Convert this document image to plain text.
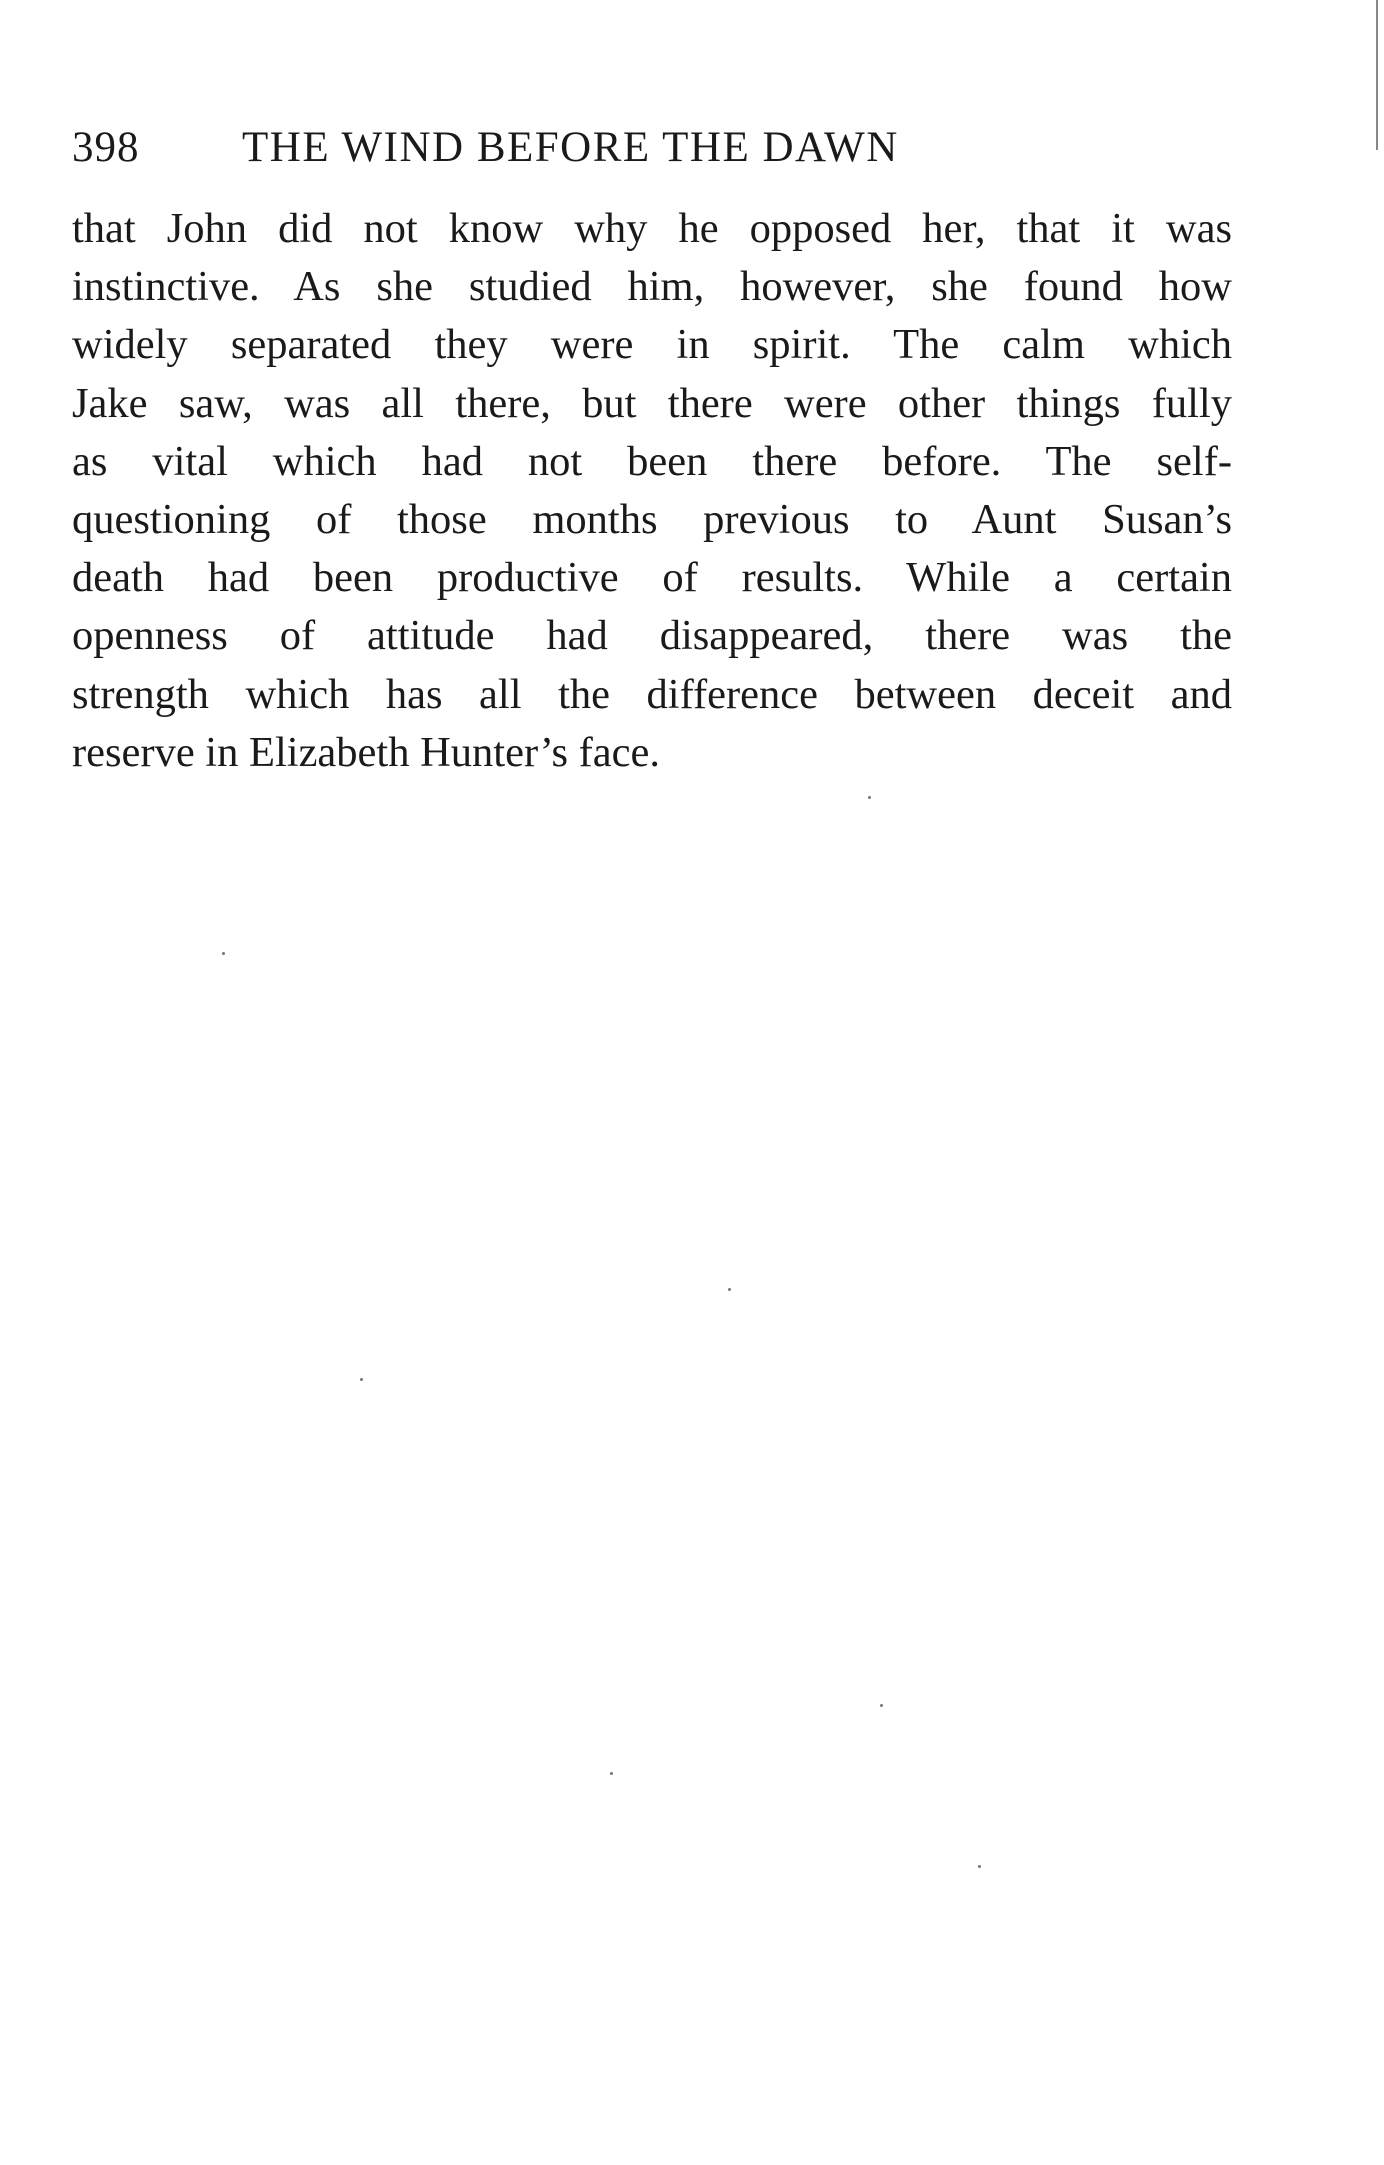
398 THE WIND BEFORE THE DAWN
that John did not know why he opposed her, that it was
instinctive. As she studied him, however, she found how
widely separated they were in spirit. The calm which
Jake saw, was all there, but there were other things fully
as vital which had not been there before. The self-
questioning of those months previous to Aunt Susan’s
death had been productive of results. While a certain
openness of attitude had disappeared, there was the
strength which has all the difference between deceit and
reserve in Elizabeth Hunter’s face.
